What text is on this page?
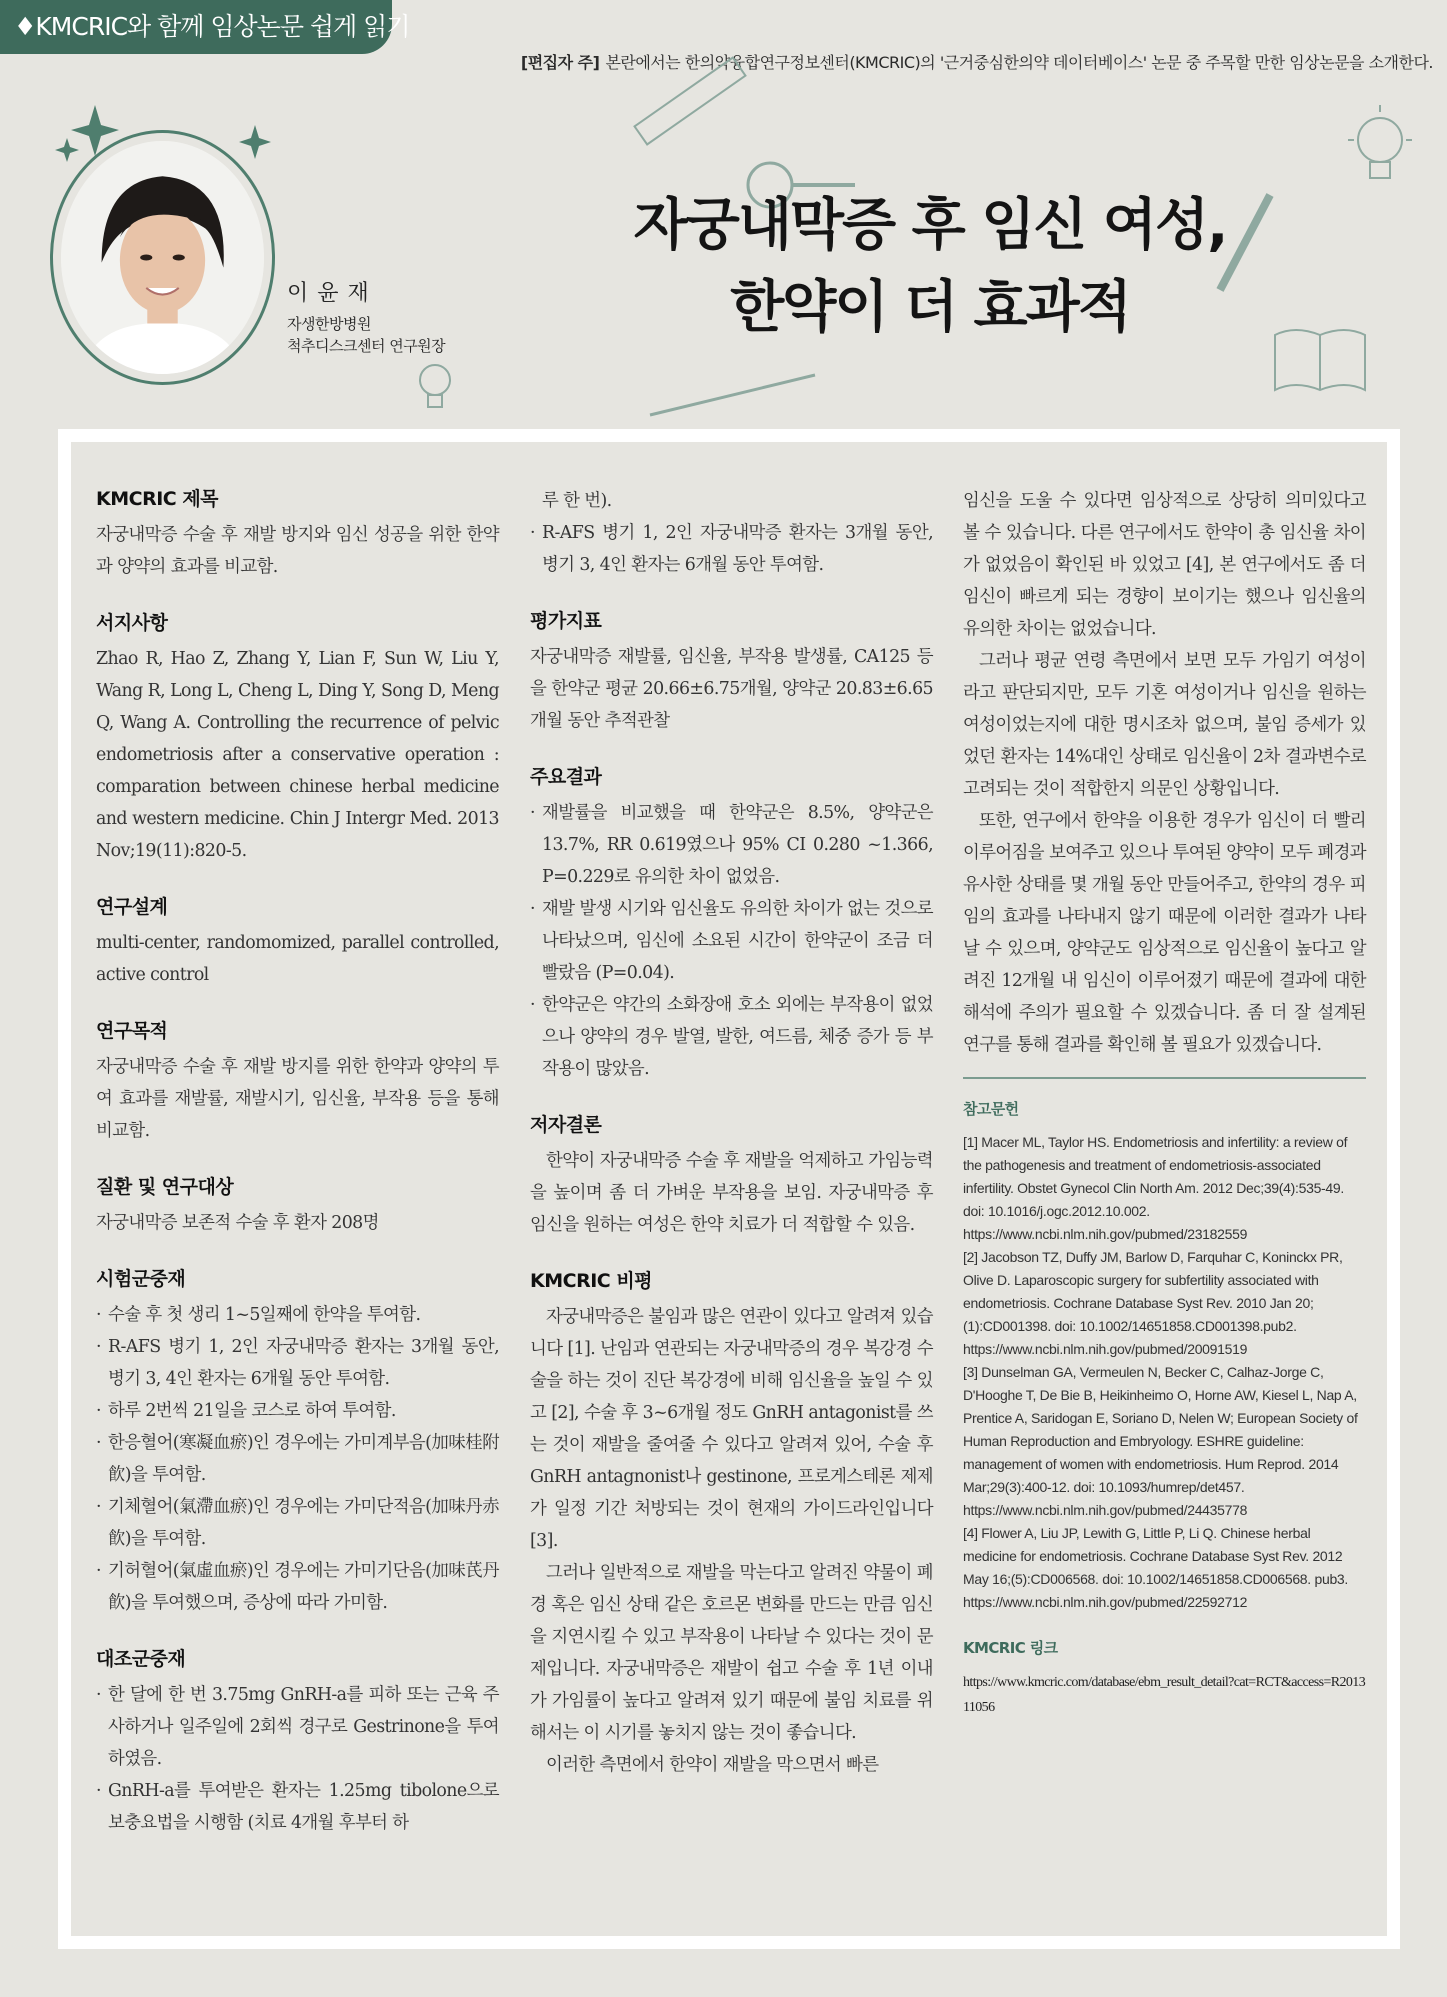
♦KMCRIC와 함께 임상논문 쉽게 읽기
[편집자 주] 본란에서는 한의약융합연구정보센터(KMCRIC)의 '근거중심한의약 데이터베이스' 논문 중 주목할 만한 임상논문을 소개한다.
이 윤 재
자생한방병원
척추디스크센터 연구원장
자궁내막증 후 임신 여성,
한약이 더 효과적
KMCRIC 제목

자궁내막증 수술 후 재발 방지와 임신 성공을 위한 한약과 양약의 효과를 비교함.

서지사항

Zhao R, Hao Z, Zhang Y, Lian F, Sun W, Liu Y, Wang R, Long L, Cheng L, Ding Y, Song D, Meng Q, Wang A. Controlling the recurrence of pelvic endometriosis after a conservative operation : comparation between chinese herbal medicine and western medicine. Chin J Intergr Med. 2013 Nov;19(11):820-5.

연구설계

multi-center, randomomized, parallel controlled, active control

연구목적

자궁내막증 수술 후 재발 방지를 위한 한약과 양약의 투여 효과를 재발률, 재발시기, 임신율, 부작용 등을 통해 비교함.

질환 및 연구대상

자궁내막증 보존적 수술 후 환자 208명

시험군중재
· 수술 후 첫 생리 1~5일째에 한약을 투여함.
· R-AFS 병기 1, 2인 자궁내막증 환자는 3개월 동안, 병기 3, 4인 환자는 6개월 동안 투여함.
· 하루 2번씩 21일을 코스로 하여 투여함.
· 한응혈어(寒凝血瘀)인 경우에는 가미계부음(加味桂附飮)을 투여함.
· 기체혈어(氣滯血瘀)인 경우에는 가미단적음(加味丹赤飮)을 투여함.
· 기허혈어(氣虛血瘀)인 경우에는 가미기단음(加味芪丹飮)을 투여했으며, 증상에 따라 가미함.
대조군중재
· 한 달에 한 번 3.75mg GnRH-a를 피하 또는 근육 주사하거나 일주일에 2회씩 경구로 Gestrinone을 투여하였음.
· GnRH-a를 투여받은 환자는 1.25mg tibolone으로 보충요법을 시행함 (치료 4개월 후부터 하

루 한 번).

· R-AFS 병기 1, 2인 자궁내막증 환자는 3개월 동안, 병기 3, 4인 환자는 6개월 동안 투여함.
평가지표

자궁내막증 재발률, 임신율, 부작용 발생률, CA125 등을 한약군 평균 20.66±6.75개월, 양약군 20.83±6.65개월 동안 추적관찰

주요결과
· 재발률을 비교했을 때 한약군은 8.5%, 양약군은 13.7%, RR 0.619였으나 95% CI 0.280 ~1.366, P=0.229로 유의한 차이 없었음.
· 재발 발생 시기와 임신율도 유의한 차이가 없는 것으로 나타났으며, 임신에 소요된 시간이 한약군이 조금 더 빨랐음 (P=0.04).
· 한약군은 약간의 소화장애 호소 외에는 부작용이 없었으나 양약의 경우 발열, 발한, 여드름, 체중 증가 등 부작용이 많았음.
저자결론

한약이 자궁내막증 수술 후 재발을 억제하고 가임능력을 높이며 좀 더 가벼운 부작용을 보임. 자궁내막증 후 임신을 원하는 여성은 한약 치료가 더 적합할 수 있음.

KMCRIC 비평

자궁내막증은 불임과 많은 연관이 있다고 알려져 있습니다 [1]. 난임과 연관되는 자궁내막증의 경우 복강경 수술을 하는 것이 진단 복강경에 비해 임신율을 높일 수 있고 [2], 수술 후 3~6개월 정도 GnRH antagonist를 쓰는 것이 재발을 줄여줄 수 있다고 알려져 있어, 수술 후 GnRH antagnonist나 gestinone, 프로게스테론 제제가 일정 기간 처방되는 것이 현재의 가이드라인입니다 [3].

그러나 일반적으로 재발을 막는다고 알려진 약물이 폐경 혹은 임신 상태 같은 호르몬 변화를 만드는 만큼 임신을 지연시킬 수 있고 부작용이 나타날 수 있다는 것이 문제입니다. 자궁내막증은 재발이 쉽고 수술 후 1년 이내가 가임률이 높다고 알려져 있기 때문에 불임 치료를 위해서는 이 시기를 놓치지 않는 것이 좋습니다.

이러한 측면에서 한약이 재발을 막으면서 빠른

임신을 도울 수 있다면 임상적으로 상당히 의미있다고 볼 수 있습니다. 다른 연구에서도 한약이 총 임신율 차이가 없었음이 확인된 바 있었고 [4], 본 연구에서도 좀 더 임신이 빠르게 되는 경향이 보이기는 했으나 임신율의 유의한 차이는 없었습니다.

그러나 평균 연령 측면에서 보면 모두 가임기 여성이라고 판단되지만, 모두 기혼 여성이거나 임신을 원하는 여성이었는지에 대한 명시조차 없으며, 불임 증세가 있었던 환자는 14%대인 상태로 임신율이 2차 결과변수로 고려되는 것이 적합한지 의문인 상황입니다.

또한, 연구에서 한약을 이용한 경우가 임신이 더 빨리 이루어짐을 보여주고 있으나 투여된 양약이 모두 폐경과 유사한 상태를 몇 개월 동안 만들어주고, 한약의 경우 피임의 효과를 나타내지 않기 때문에 이러한 결과가 나타날 수 있으며, 양약군도 임상적으로 임신율이 높다고 알려진 12개월 내 임신이 이루어졌기 때문에 결과에 대한 해석에 주의가 필요할 수 있겠습니다. 좀 더 잘 설계된 연구를 통해 결과를 확인해 볼 필요가 있겠습니다.

참고문헌

[1] Macer ML, Taylor HS. Endometriosis and infertility: a review of the pathogenesis and treatment of endometriosis-associated infertility. Obstet Gynecol Clin North Am. 2012 Dec;39(4):535-49. doi: 10.1016/j.ogc.2012.10.002. https://www.ncbi.nlm.nih.gov/pubmed/23182559

[2] Jacobson TZ, Duffy JM, Barlow D, Farquhar C, Koninckx PR, Olive D. Laparoscopic surgery for subfertility associated with endometriosis. Cochrane Database Syst Rev. 2010 Jan 20;(1):CD001398. doi: 10.1002/14651858.CD001398.pub2. https://www.ncbi.nlm.nih.gov/pubmed/20091519

[3] Dunselman GA, Vermeulen N, Becker C, Calhaz-Jorge C, D'Hooghe T, De Bie B, Heikinheimo O, Horne AW, Kiesel L, Nap A, Prentice A, Saridogan E, Soriano D, Nelen W; European Society of Human Reproduction and Embryology. ESHRE guideline: management of women with endometriosis. Hum Reprod. 2014 Mar;29(3):400-12. doi: 10.1093/humrep/det457. https://www.ncbi.nlm.nih.gov/pubmed/24435778

[4] Flower A, Liu JP, Lewith G, Little P, Li Q. Chinese herbal medicine for endometriosis. Cochrane Database Syst Rev. 2012 May 16;(5):CD006568. doi: 10.1002/14651858.CD006568. pub3. https://www.ncbi.nlm.nih.gov/pubmed/22592712

KMCRIC 링크

https://www.kmcric.com/database/ebm_result_detail?cat=RCT&access=R201311056
